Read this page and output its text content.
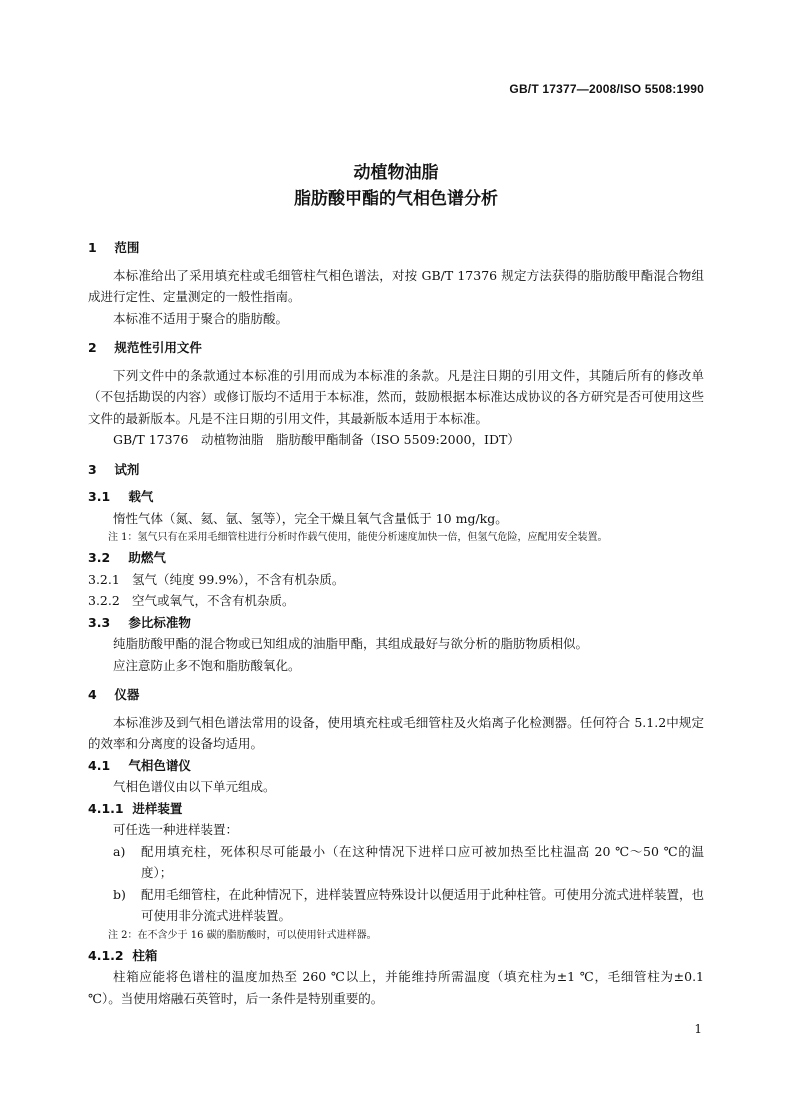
GB/T 17377—2008/ISO 5508:1990
动植物油脂
脂肪酸甲酯的气相色谱分析

1 范围

本标准给出了采用填充柱或毛细管柱气相色谱法，对按 GB/T 17376 规定方法获得的脂肪酸甲酯混合物组成进行定性、定量测定的一般性指南。

本标准不适用于聚合的脂肪酸。

2 规范性引用文件

下列文件中的条款通过本标准的引用而成为本标准的条款。凡是注日期的引用文件，其随后所有的修改单（不包括勘误的内容）或修订版均不适用于本标准，然而，鼓励根据本标准达成协议的各方研究是否可使用这些文件的最新版本。凡是不注日期的引用文件，其最新版本适用于本标准。

GB/T 17376　动植物油脂　脂肪酸甲酯制备（ISO 5509:2000，IDT）

3 试剂

3.1 载气

惰性气体（氮、氦、氩、氢等），完全干燥且氧气含量低于 10 mg/kg。

注 1：氢气只有在采用毛细管柱进行分析时作载气使用，能使分析速度加快一倍，但氢气危险，应配用安全装置。

3.2 助燃气

3.2.1 氢气（纯度 99.9%），不含有机杂质。

3.2.2 空气或氧气，不含有机杂质。

3.3 参比标准物

纯脂肪酸甲酯的混合物或已知组成的油脂甲酯，其组成最好与欲分析的脂肪物质相似。

应注意防止多不饱和脂肪酸氧化。

4 仪器

本标准涉及到气相色谱法常用的设备，使用填充柱或毛细管柱及火焰离子化检测器。任何符合 5.1.2中规定的效率和分离度的设备均适用。

4.1 气相色谱仪

气相色谱仪由以下单元组成。

4.1.1 进样装置

可任选一种进样装置：

a)	配用填充柱，死体积尽可能最小（在这种情况下进样口应可被加热至比柱温高 20 ℃～50 ℃的温度）；
b)	配用毛细管柱，在此种情况下，进样装置应特殊设计以便适用于此种柱管。可使用分流式进样装置，也可使用非分流式进样装置。

注 2：在不含少于 16 碳的脂肪酸时，可以使用针式进样器。

4.1.2 柱箱

柱箱应能将色谱柱的温度加热至 260 ℃以上，并能维持所需温度（填充柱为±1 ℃，毛细管柱为±0.1 ℃）。当使用熔融石英管时，后一条件是特别重要的。

1
